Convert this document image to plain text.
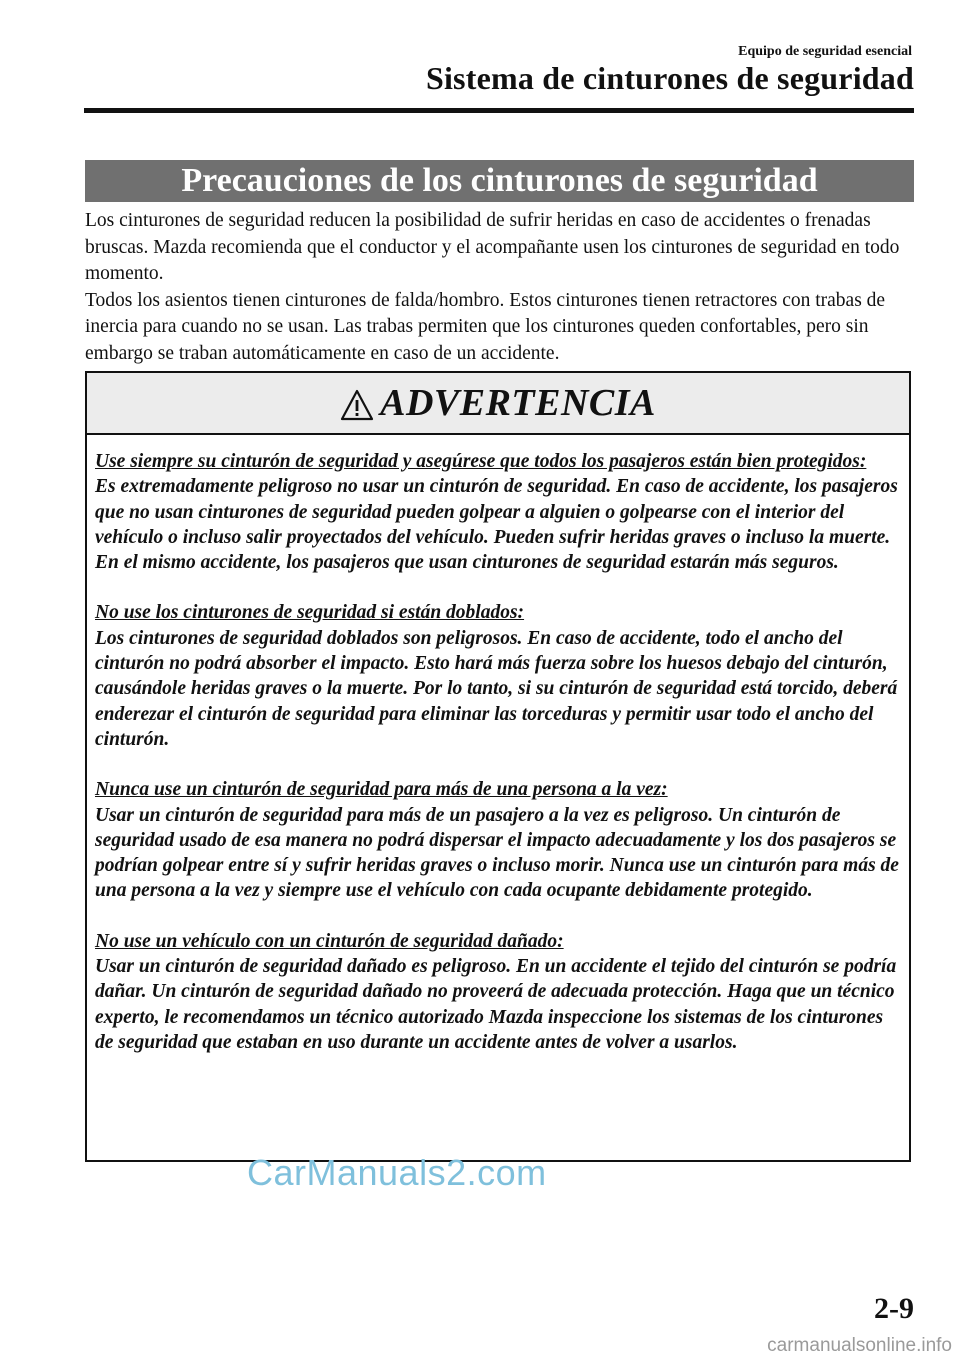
Equipo de seguridad esencial
Sistema de cinturones de seguridad
Precauciones de los cinturones de seguridad

Los cinturones de seguridad reducen la posibilidad de sufrir heridas en caso de accidentes o frenadas bruscas. Mazda recomienda que el conductor y el acompañante usen los cinturones de seguridad en todo momento.

Todos los asientos tienen cinturones de falda/hombro. Estos cinturones tienen retractores con trabas de inercia para cuando no se usan. Las trabas permiten que los cinturones queden confortables, pero sin embargo se traban automáticamente en caso de un accidente.

ADVERTENCIA
Use siempre su cinturón de seguridad y asegúrese que todos los pasajeros están bien protegidos:
Es extremadamente peligroso no usar un cinturón de seguridad. En caso de accidente, los pasajeros que no usan cinturones de seguridad pueden golpear a alguien o golpearse con el interior del vehículo o incluso salir proyectados del vehículo. Pueden sufrir heridas graves o incluso la muerte. En el mismo accidente, los pasajeros que usan cinturones de seguridad estarán más seguros.
No use los cinturones de seguridad si están doblados:
Los cinturones de seguridad doblados son peligrosos. En caso de accidente, todo el ancho del cinturón no podrá absorber el impacto. Esto hará más fuerza sobre los huesos debajo del cinturón, causándole heridas graves o la muerte. Por lo tanto, si su cinturón de seguridad está torcido, deberá enderezar el cinturón de seguridad para eliminar las torceduras y permitir usar todo el ancho del cinturón.
Nunca use un cinturón de seguridad para más de una persona a la vez:
Usar un cinturón de seguridad para más de un pasajero a la vez es peligroso. Un cinturón de seguridad usado de esa manera no podrá dispersar el impacto adecuadamente y los dos pasajeros se podrían golpear entre sí y sufrir heridas graves o incluso morir. Nunca use un cinturón para más de una persona a la vez y siempre use el vehículo con cada ocupante debidamente protegido.
No use un vehículo con un cinturón de seguridad dañado:
Usar un cinturón de seguridad dañado es peligroso. En un accidente el tejido del cinturón se podría dañar. Un cinturón de seguridad dañado no proveerá de adecuada protección. Haga que un técnico experto, le recomendamos un técnico autorizado Mazda inspeccione los sistemas de los cinturones de seguridad que estaban en uso durante un accidente antes de volver a usarlos.
CarManuals2.com
2-9
carmanualsonline.info
